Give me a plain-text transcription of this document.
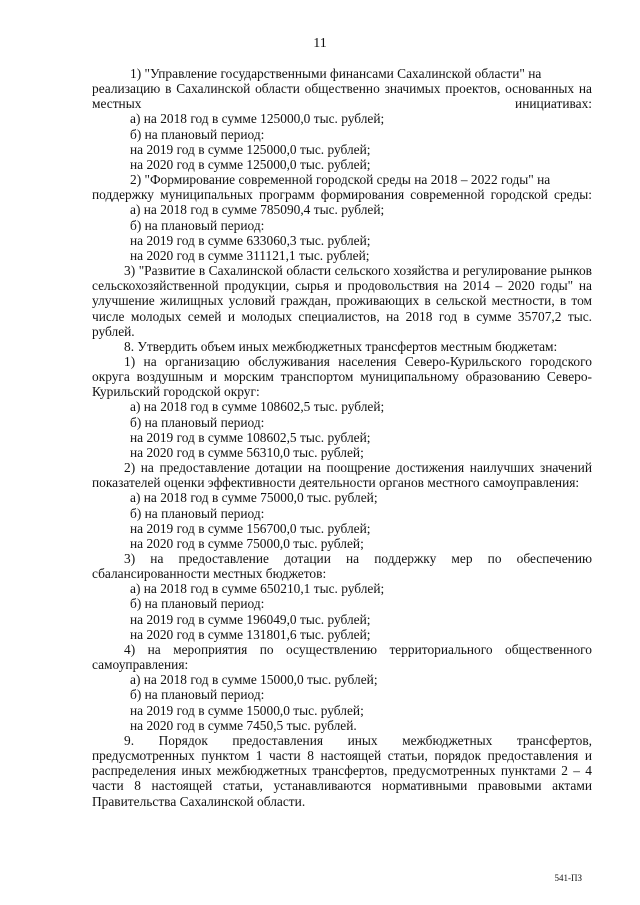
11

1) "Управление государственными финансами Сахалинской области" на

реализацию в Сахалинской области общественно значимых проектов, основанных на местных инициативах:

а) на 2018 год в сумме 125000,0 тыс. рублей;

б) на плановый период:

на 2019 год в сумме 125000,0 тыс. рублей;

на 2020 год в сумме 125000,0 тыс. рублей;

2) "Формирование современной городской среды на 2018 – 2022 годы" на

поддержку муниципальных программ формирования современной городской среды:

а) на 2018 год в сумме 785090,4 тыс. рублей;

б) на плановый период:

на 2019 год в сумме 633060,3 тыс. рублей;

на 2020 год в сумме 311121,1 тыс. рублей;

3) "Развитие в Сахалинской области сельского хозяйства и регулирование рынков сельскохозяйственной продукции, сырья и продовольствия на 2014 – 2020 годы" на улучшение жилищных условий граждан, проживающих в сельской местности, в том числе молодых семей и молодых специалистов, на 2018 год в сумме 35707,2 тыс. рублей.

8. Утвердить объем иных межбюджетных трансфертов местным бюджетам:

1) на организацию обслуживания населения Северо-Курильского городского округа воздушным и морским транспортом муниципальному образованию Северо-Курильский городской округ:

а) на 2018 год в сумме 108602,5 тыс. рублей;

б) на плановый период:

на 2019 год в сумме 108602,5 тыс. рублей;

на 2020 год в сумме 56310,0 тыс. рублей;

2) на предоставление дотации на поощрение достижения наилучших значений показателей оценки эффективности деятельности органов местного самоуправления:

а) на 2018 год в сумме 75000,0 тыс. рублей;

б) на плановый период:

на 2019 год в сумме 156700,0 тыс. рублей;

на 2020 год в сумме 75000,0 тыс. рублей;

3) на предоставление дотации на поддержку мер по обеспечению сбалансированности местных бюджетов:

а) на 2018 год в сумме 650210,1 тыс. рублей;

б) на плановый период:

на 2019 год в сумме 196049,0 тыс. рублей;

на 2020 год в сумме 131801,6 тыс. рублей;

4) на мероприятия по осуществлению территориального общественного самоуправления:

а) на 2018 год в сумме 15000,0 тыс. рублей;

б) на плановый период:

на 2019 год в сумме 15000,0 тыс. рублей;

на 2020 год в сумме 7450,5 тыс. рублей.

9. Порядок предоставления иных межбюджетных трансфертов, предусмотренных пунктом 1 части 8 настоящей статьи, порядок предоставления и распределения иных межбюджетных трансфертов, предусмотренных пунктами 2 – 4 части 8 настоящей статьи, устанавливаются нормативными правовыми актами Правительства Сахалинской области.

541-ПЗ
